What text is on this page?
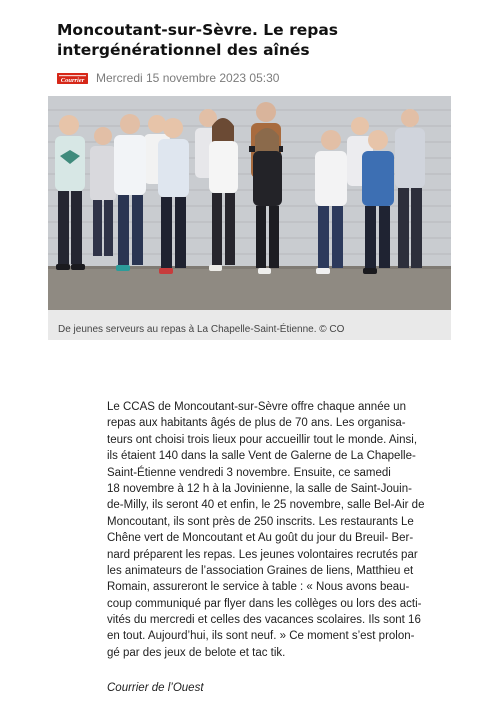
Moncoutant-sur-Sèvre. Le repas intergénérationnel des aînés
Courrier Mercredi 15 novembre 2023 05:30
De jeunes serveurs au repas à La Chapelle-Saint-Étienne. © CO
Le CCAS de Moncoutant-sur-Sèvre offre chaque année un
repas aux habitants âgés de plus de 70 ans. Les organisa-
teurs ont choisi trois lieux pour accueillir tout le monde. Ainsi,
ils étaient 140 dans la salle Vent de Galerne de La Chapelle-
Saint-Étienne vendredi 3 novembre. Ensuite, ce samedi
18 novembre à 12 h à la Jovinienne, la salle de Saint-Jouin-
de-Milly, ils seront 40 et enfin, le 25 novembre, salle Bel-Air de
Moncoutant, ils sont près de 250 inscrits. Les restaurants Le
Chêne vert de Moncoutant et Au goût du jour du Breuil- Ber-
nard préparent les repas. Les jeunes volontaires recrutés par
les animateurs de l’association Graines de liens, Matthieu et
Romain, assureront le service à table : « Nous avons beau-
coup communiqué par flyer dans les collèges ou lors des acti-
vités du mercredi et celles des vacances scolaires. Ils sont 16
en tout. Aujourd’hui, ils sont neuf. » Ce moment s’est prolon-
gé par des jeux de belote et tac tik.
Courrier de l’Ouest
